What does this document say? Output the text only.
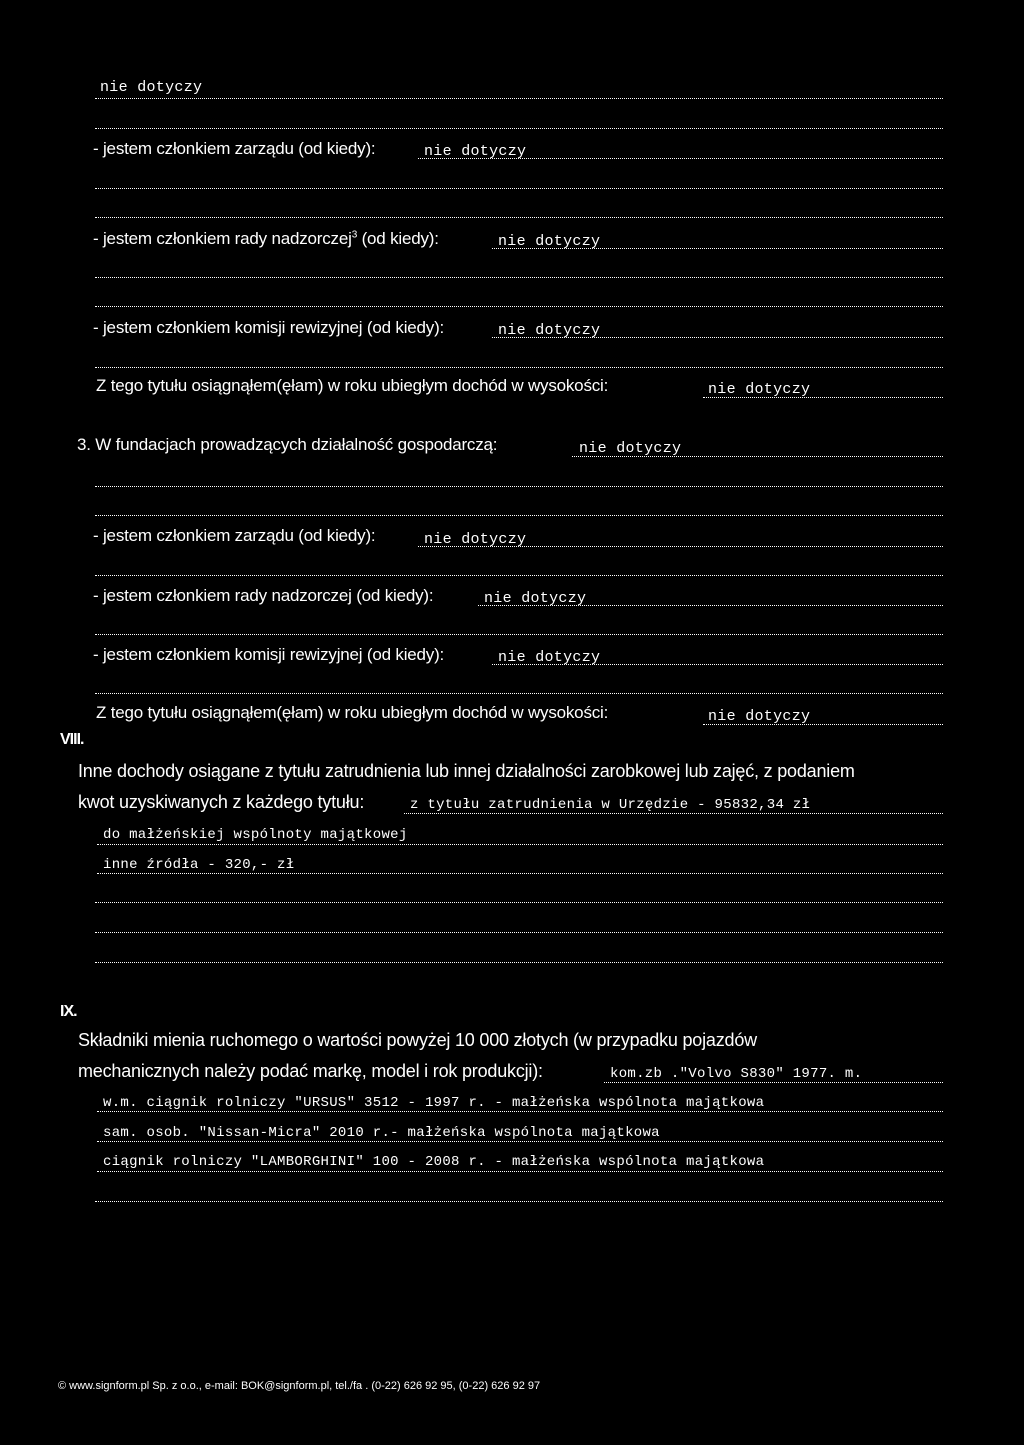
nie dotyczy
- jestem członkiem zarządu (od kiedy):	nie dotyczy
- jestem członkiem rady nadzorczej$^3$ (od kiedy):	nie dotyczy
- jestem członkiem komisji rewizyjnej (od kiedy):	nie dotyczy
Z tego tytułu osiągnąłem(ęłam) w roku ubiegłym dochód w wysokości:	nie dotyczy
3. W fundacjach prowadzących działalność gospodarczą:	nie dotyczy
- jestem członkiem zarządu (od kiedy):	nie dotyczy
- jestem członkiem rady nadzorczej (od kiedy):	nie dotyczy
- jestem członkiem komisji rewizyjnej (od kiedy):	nie dotyczy
Z tego tytułu osiągnąłem(ęłam) w roku ubiegłym dochód w wysokości:	nie dotyczy
VIII.
Inne dochody osiągane z tytułu zatrudnienia lub innej działalności zarobkowej lub zajęć, z podaniem
kwot uzyskiwanych z każdego tytułu:	z tytułu zatrudnienia w Urzędzie - 95832,34 zł
do małżeńskiej wspólnoty majątkowej
inne źródła - 320,- zł
IX.
Składniki mienia ruchomego o wartości powyżej 10 000 złotych (w przypadku pojazdów
mechanicznych należy podać markę, model i rok produkcji):	kom.zb ."Volvo S830" 1977. m.
w.m. ciągnik rolniczy "URSUS" 3512 - 1997 r. - małżeńska wspólnota majątkowa
sam. osob. "Nissan-Micra" 2010 r.- małżeńska wspólnota majątkowa
ciągnik rolniczy "LAMBORGHINI" 100 - 2008 r. - małżeńska wspólnota majątkowa
© www.signform.pl Sp. z o.o., e-mail: BOK@signform.pl, tel./fa . (0-22) 626 92 95, (0-22) 626 92 97
